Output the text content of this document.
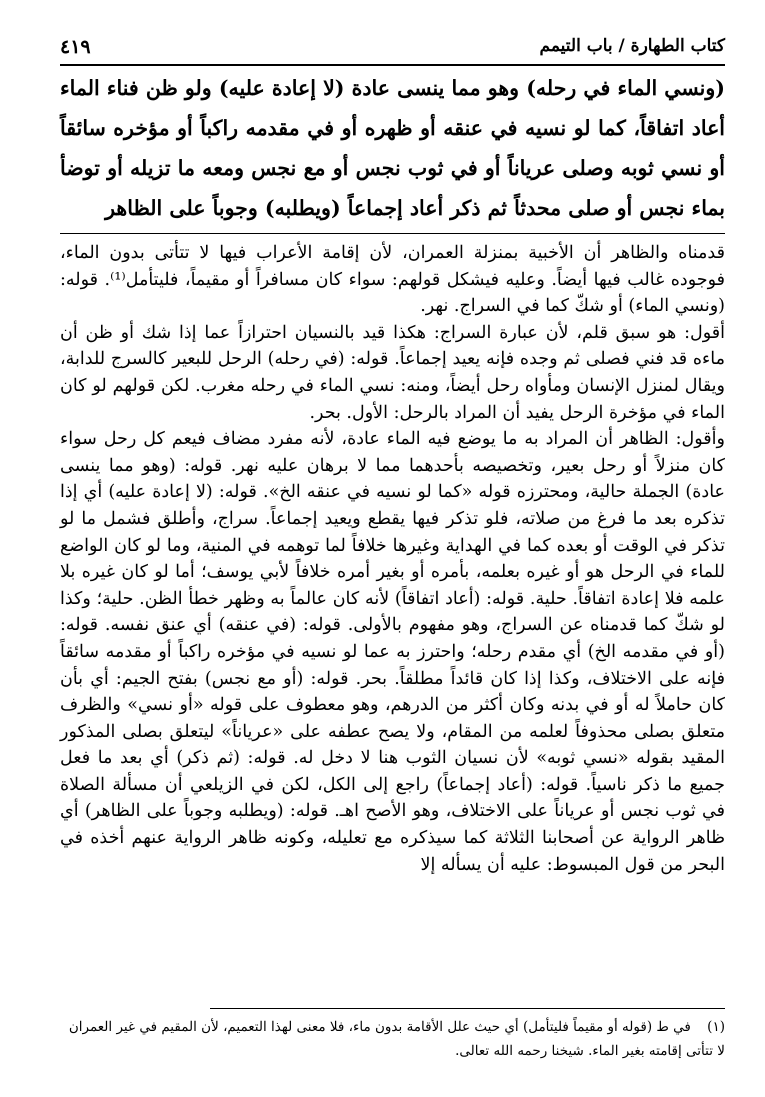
كتاب الطهارة / باب التيمم
٤١٩

(ونسي الماء في رحله) وهو مما ينسى عادة (لا إعادة عليه) ولو ظن فناء الماء أعاد اتفاقاً، كما لو نسيه في عنقه أو ظهره أو في مقدمه راكباً أو مؤخره سائقاً أو نسي ثوبه وصلى عرياناً أو في ثوب نجس أو مع نجس ومعه ما تزيله أو توضأ بماء نجس أو صلى محدثاً ثم ذكر أعاد إجماعاً (ويطلبه) وجوباً على الظاهر

قدمناه والظاهر أن الأخبية بمنزلة العمران، لأن إقامة الأعراب فيها لا تتأتى بدون الماء، فوجوده غالب فيها أيضاً. وعليه فيشكل قولهم: سواء كان مسافراً أو مقيماً، فليتأمل⁽¹⁾. قوله: (ونسي الماء) أو شكّ كما في السراج. نهر.

أقول: هو سبق قلم، لأن عبارة السراج: هكذا قيد بالنسيان احترازاً عما إذا شك أو ظن أن ماءه قد فني فصلى ثم وجده فإنه يعيد إجماعاً. قوله: (في رحله) الرحل للبعير كالسرج للدابة، ويقال لمنزل الإنسان ومأواه رحل أيضاً، ومنه: نسي الماء في رحله مغرب. لكن قولهم لو كان الماء في مؤخرة الرحل يفيد أن المراد بالرحل: الأول. بحر.

وأقول: الظاهر أن المراد به ما يوضع فيه الماء عادة، لأنه مفرد مضاف فيعم كل رحل سواء كان منزلاً أو رحل بعير، وتخصيصه بأحدهما مما لا برهان عليه نهر. قوله: (وهو مما ينسى عادة) الجملة حالية، ومحترزه قوله «كما لو نسيه في عنقه الخ». قوله: (لا إعادة عليه) أي إذا تذكره بعد ما فرغ من صلاته، فلو تذكر فيها يقطع ويعيد إجماعاً. سراج، وأطلق فشمل ما لو تذكر في الوقت أو بعده كما في الهداية وغيرها خلافاً لما توهمه في المنية، وما لو كان الواضع للماء في الرحل هو أو غيره بعلمه، بأمره أو بغير أمره خلافاً لأبي يوسف؛ أما لو كان غيره بلا علمه فلا إعادة اتفاقاً. حلية. قوله: (أعاد اتفاقاً) لأنه كان عالماً به وظهر خطأ الظن. حلية؛ وكذا لو شكّ كما قدمناه عن السراج، وهو مفهوم بالأولى. قوله: (في عنقه) أي عنق نفسه. قوله: (أو في مقدمه الخ) أي مقدم رحله؛ واحترز به عما لو نسيه في مؤخره راكباً أو مقدمه سائقاً فإنه على الاختلاف، وكذا إذا كان قائداً مطلقاً. بحر. قوله: (أو مع نجس) بفتح الجيم: أي بأن كان حاملاً له أو في بدنه وكان أكثر من الدرهم، وهو معطوف على قوله «أو نسي» والظرف متعلق بصلى محذوفاً لعلمه من المقام، ولا يصح عطفه على «عرياناً» ليتعلق بصلى المذكور المقيد بقوله «نسي ثوبه» لأن نسيان الثوب هنا لا دخل له. قوله: (ثم ذكر) أي بعد ما فعل جميع ما ذكر ناسياً. قوله: (أعاد إجماعاً) راجع إلى الكل، لكن في الزيلعي أن مسألة الصلاة في ثوب نجس أو عرياناً على الاختلاف، وهو الأصح اهـ. قوله: (ويطلبه وجوباً على الظاهر) أي ظاهر الرواية عن أصحابنا الثلاثة كما سيذكره مع تعليله، وكونه ظاهر الرواية عنهم أخذه في البحر من قول المبسوط: عليه أن يسأله إلا

(١) في ط (قوله أو مقيماً فليتأمل) أي حيث علل الأقامة بدون ماء، فلا معنى لهذا التعميم، لأن المقيم في غير العمران لا تتأتى إقامته بغير الماء. شيخنا رحمه الله تعالى.
